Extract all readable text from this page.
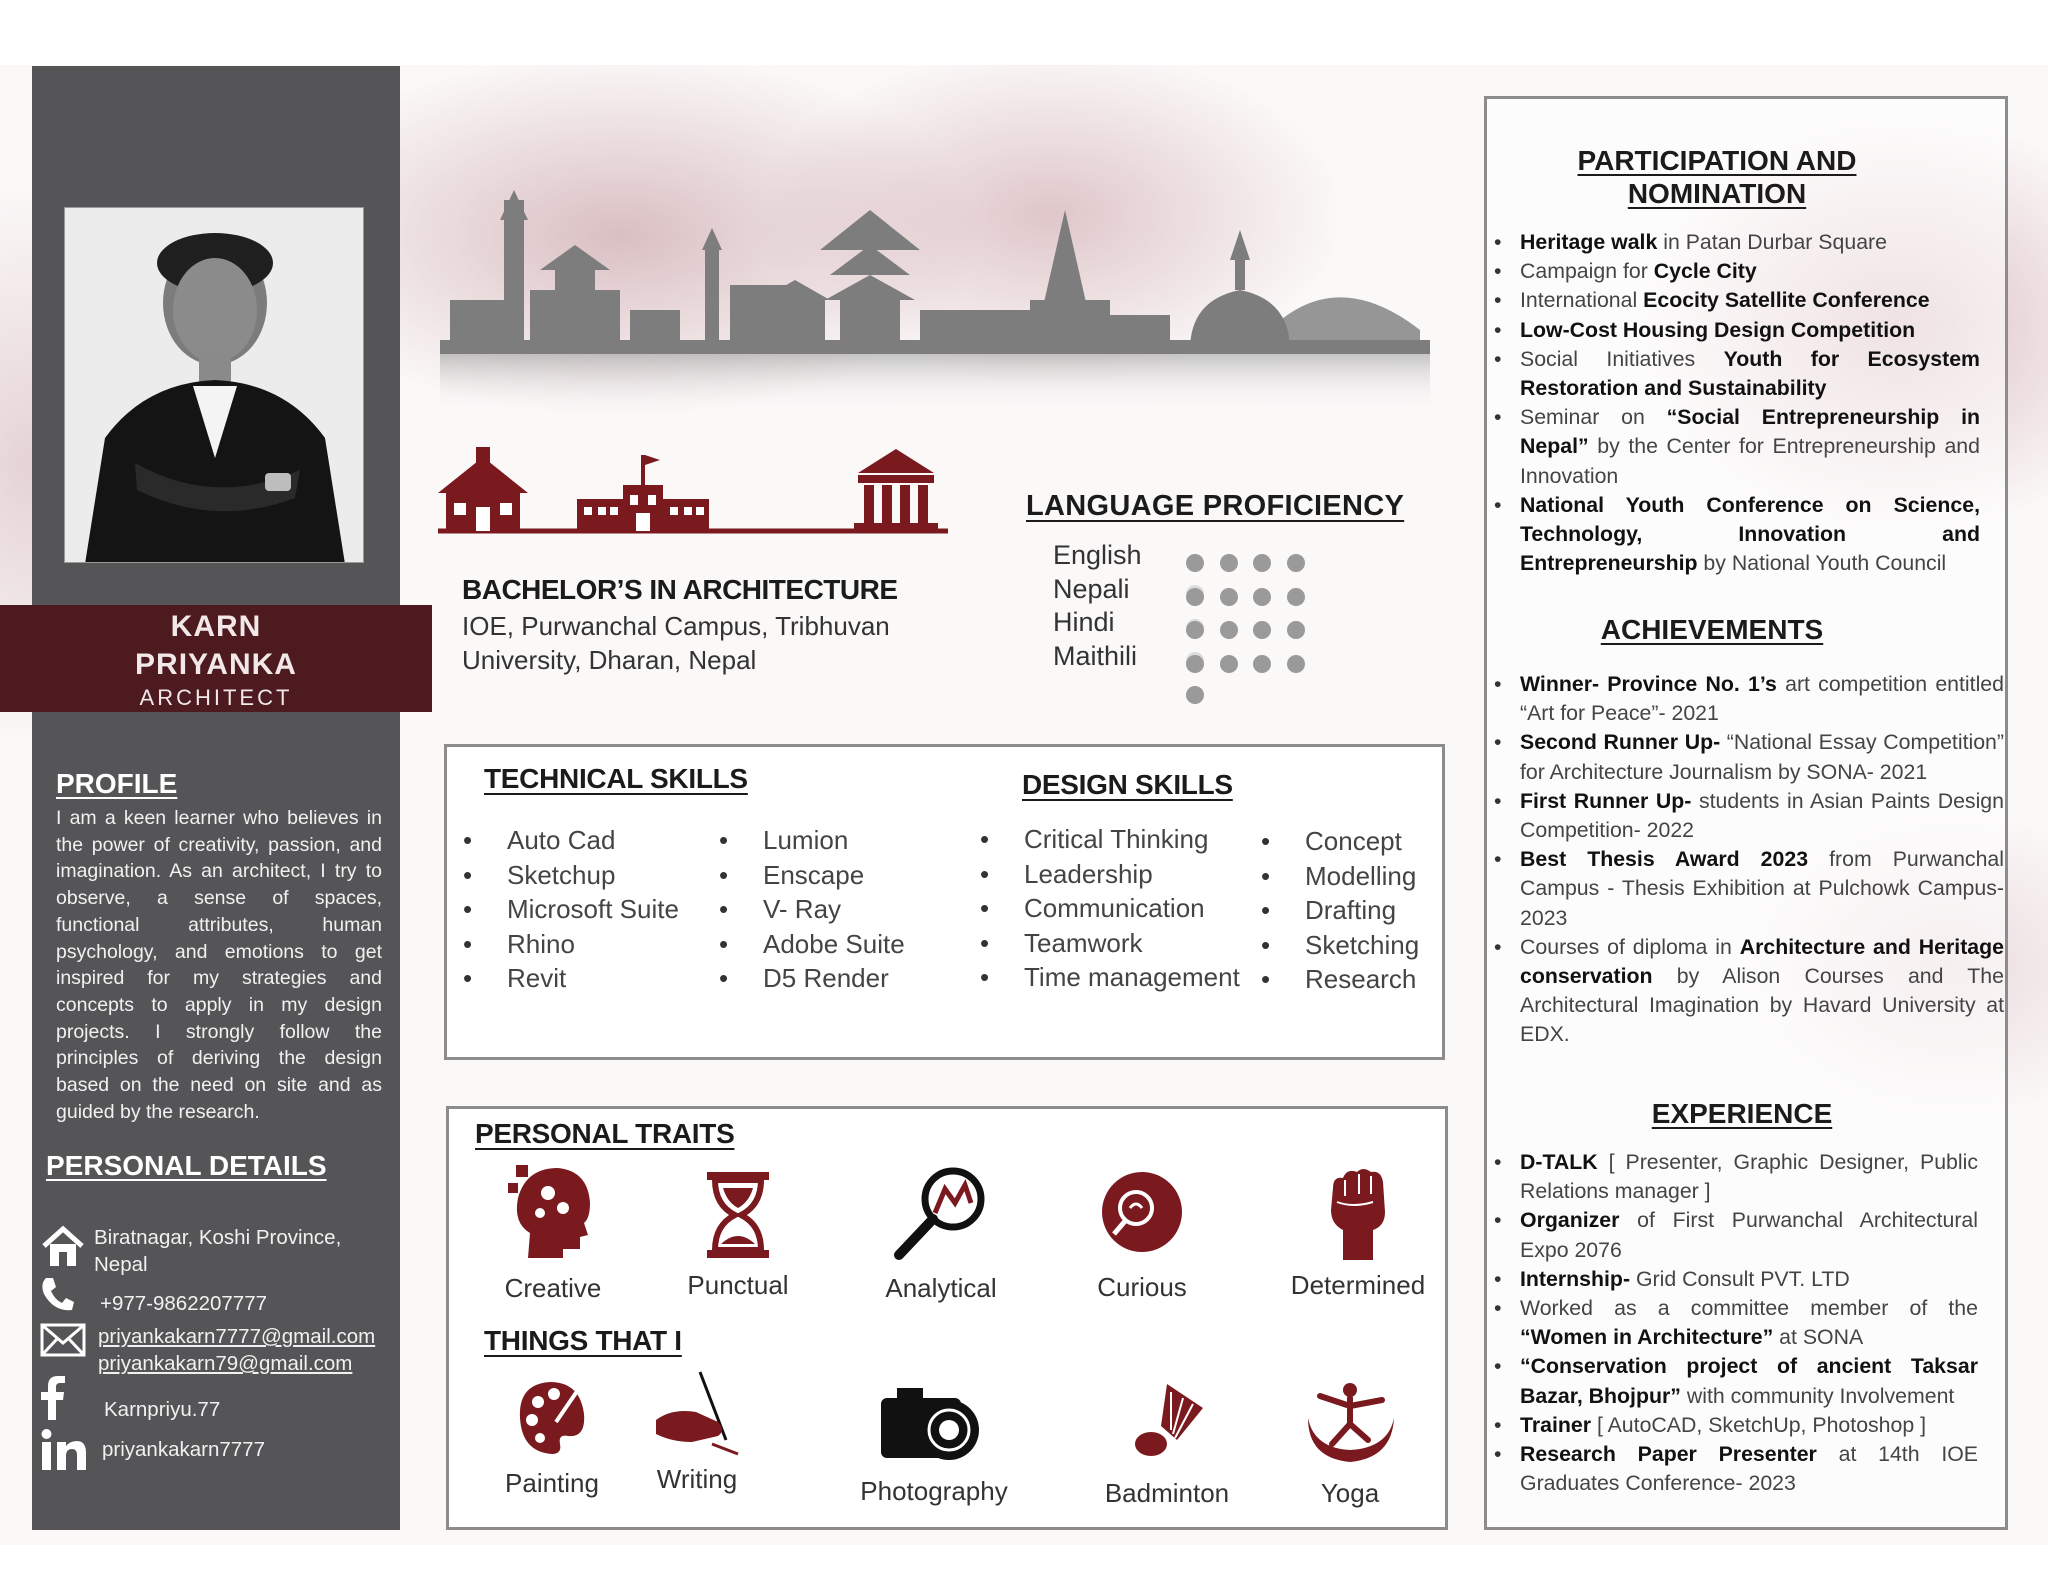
KARN
PRIYANKA
ARCHITECT
PROFILE
I am a keen learner who believes in the power of creativity, passion, and imagination. As an architect, I try to observe, a sense of spaces, functional attributes, human psychology, and emotions to get inspired for my strategies and concepts to apply in my design projects. I strongly follow the principles of deriving the design based on the need on site and as guided by the research.
PERSONAL DETAILS
Biratnagar, Koshi Province,
Nepal
+977-9862207777
priyankakarn7777@gmail.com
priyankakarn79@gmail.com
Karnpriyu.77
priyankakarn7777
BACHELOR’S IN ARCHITECTURE
IOE, Purwanchal Campus, Tribhuvan
University, Dharan, Nepal
LANGUAGE PROFICIENCY
English
Nepali
Hindi
Maithili
TECHNICAL SKILLS	DESIGN SKILLS
• Auto Cad
• Sketchup
• Microsoft Suite
• Rhino
• Revit
• Lumion
• Enscape
• V- Ray
• Adobe Suite
• D5 Render
• Critical Thinking
• Leadership
• Communication
• Teamwork
• Time management
• Concept
• Modelling
• Drafting
• Sketching
• Research
PERSONAL TRAITS
THINGS THAT I
Creative	Punctual	Analytical	Curious	Determined
Painting	Writing	Photography	Badminton	Yoga
PARTICIPATION AND
NOMINATION
• Heritage walk in Patan Durbar Square
• Campaign for Cycle City
• International Ecocity Satellite Conference
• Low-Cost Housing Design Competition
• Social Initiatives Youth for Ecosystem Restoration and Sustainability
• Seminar on “Social Entrepreneurship in Nepal” by the Center for Entrepreneurship and Innovation
• National Youth Conference on Science, Technology, Innovation and Entrepreneurship by National Youth Council
ACHIEVEMENTS
• Winner- Province No. 1’s art competition entitled “Art for Peace”- 2021
• Second Runner Up- “National Essay Competition” for Architecture Journalism by SONA- 2021
• First Runner Up- students in Asian Paints Design Competition- 2022
• Best Thesis Award 2023 from Purwanchal Campus - Thesis Exhibition at Pulchowk Campus- 2023
• Courses of diploma in Architecture and Heritage conservation by Alison Courses and The Architectural Imagination by Havard University at EDX.
EXPERIENCE
• D-TALK [ Presenter, Graphic Designer, Public Relations manager ]
• Organizer of First Purwanchal Architectural Expo 2076
• Internship- Grid Consult PVT. LTD
• Worked as a committee member of the “Women in Architecture” at SONA
• “Conservation project of ancient Taksar Bazar, Bhojpur” with community Involvement
• Trainer [ AutoCAD, SketchUp, Photoshop ]
• Research Paper Presenter at 14th IOE Graduates Conference- 2023
